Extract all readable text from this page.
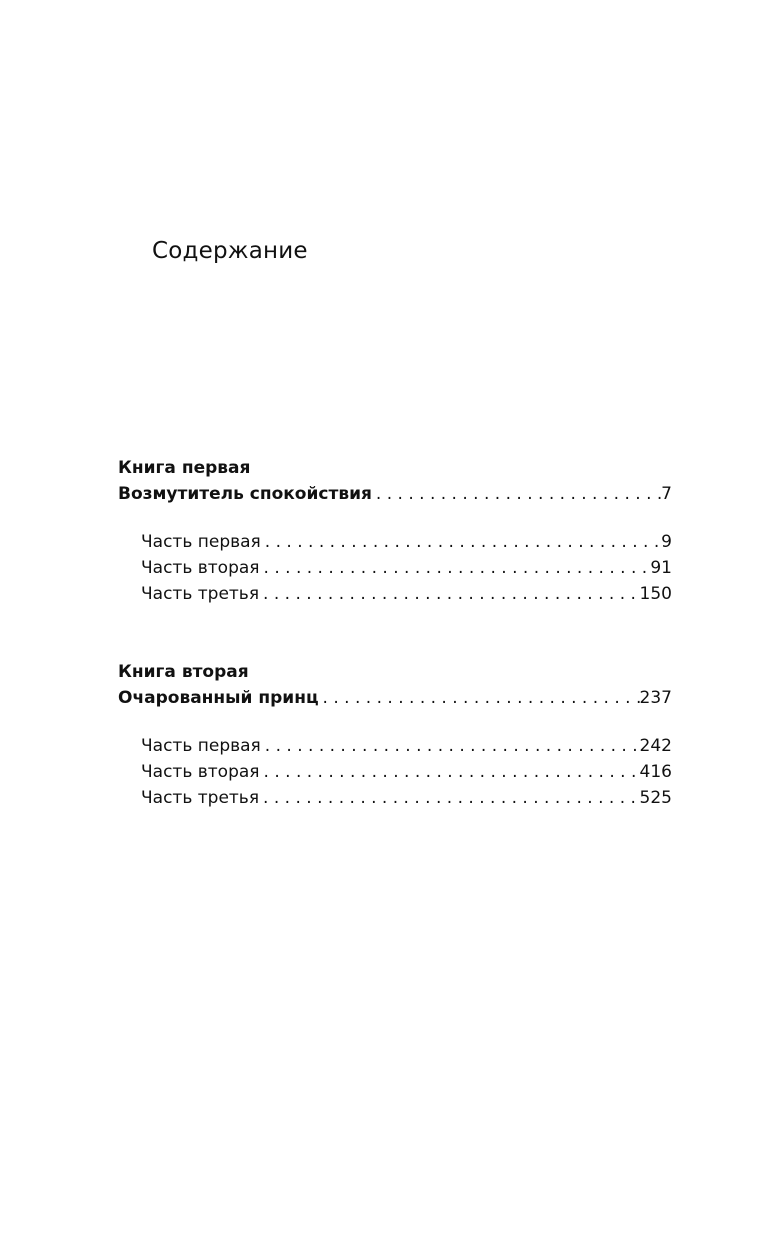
Содержание
Книга первая
Возмутитель спокойствия . . .	7
Часть первая . . .	9
Часть вторая . . .	91
Часть третья . . .	150
Книга вторая
Очарованный принц . . .	237
Часть первая . . .	242
Часть вторая . . .	416
Часть третья . . .	525
